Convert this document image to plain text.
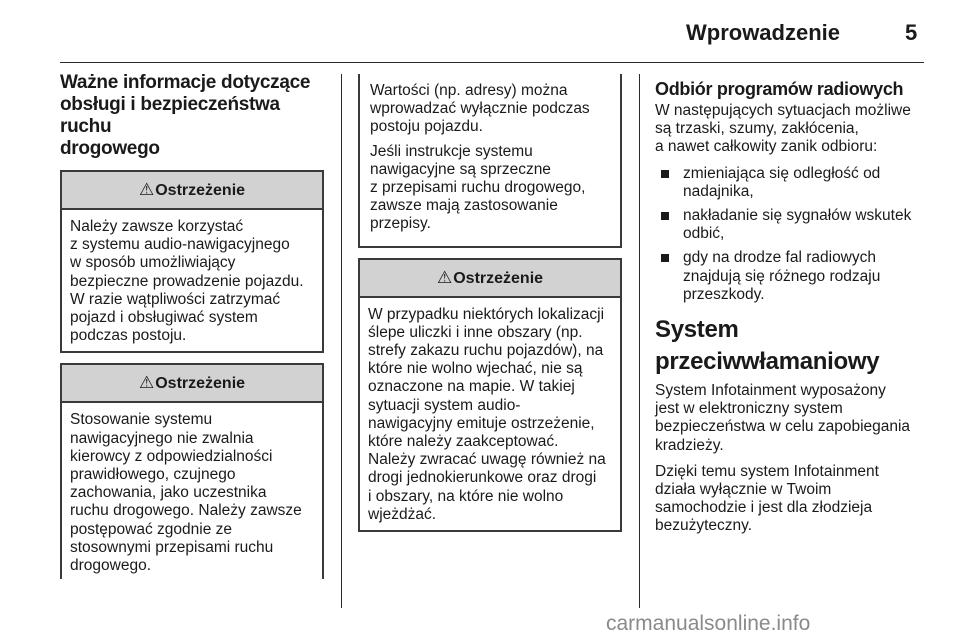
Wprowadzenie	5
Ważne informacje dotyczące
obsługi i bezpieczeństwa ruchu
drogowego
⚠Ostrzeżenie
Należy zawsze korzystać
z systemu audio-nawigacyjnego
w sposób umożliwiający
bezpieczne prowadzenie pojazdu.
W razie wątpliwości zatrzymać
pojazd i obsługiwać system
podczas postoju.
⚠Ostrzeżenie
Stosowanie systemu
nawigacyjnego nie zwalnia
kierowcy z odpowiedzialności
prawidłowego, czujnego
zachowania, jako uczestnika
ruchu drogowego. Należy zawsze
postępować zgodnie ze
stosownymi przepisami ruchu
drogowego.

Wartości (np. adresy) można
wprowadzać wyłącznie podczas
postoju pojazdu.

Jeśli instrukcje systemu
nawigacyjne są sprzeczne
z przepisami ruchu drogowego,
zawsze mają zastosowanie
przepisy.

⚠Ostrzeżenie
W przypadku niektórych lokalizacji
ślepe uliczki i inne obszary (np.
strefy zakazu ruchu pojazdów), na
które nie wolno wjechać, nie są
oznaczone na mapie. W takiej
sytuacji system audio-
nawigacyjny emituje ostrzeżenie,
które należy zaakceptować.
Należy zwracać uwagę również na
drogi jednokierunkowe oraz drogi
i obszary, na które nie wolno
wjeżdżać.
Odbiór programów radiowych

W następujących sytuacjach możliwe
są trzaski, szumy, zakłócenia,
a nawet całkowity zanik odbioru:

zmieniająca się odległość od
nadajnika,
nakładanie się sygnałów wskutek
odbić,
gdy na drodze fal radiowych
znajdują się różnego rodzaju
przeszkody.
System
przeciwwłamaniowy

System Infotainment wyposażony
jest w elektroniczny system
bezpieczeństwa w celu zapobiegania
kradzieży.

Dzięki temu system Infotainment
działa wyłącznie w Twoim
samochodzie i jest dla złodzieja
bezużyteczny.

carmanualsonline.info
